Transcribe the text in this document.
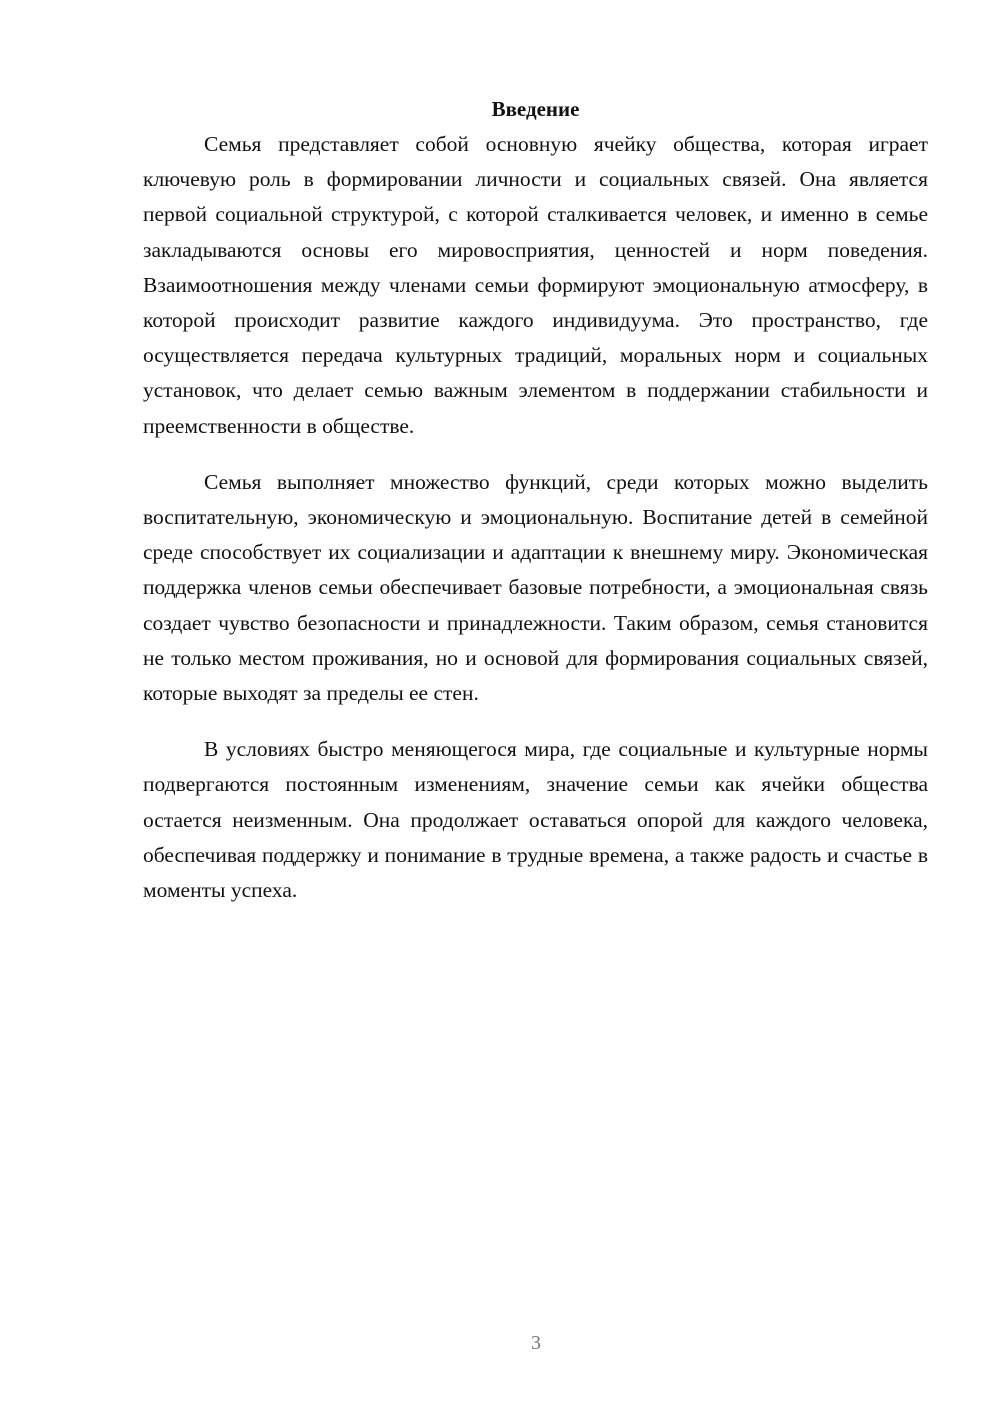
Введение

Семья представляет собой основную ячейку общества, которая играет ключевую роль в формировании личности и социальных связей. Она является первой социальной структурой, с которой сталкивается человек, и именно в семье закладываются основы его мировосприятия, ценностей и норм поведения. Взаимоотношения между членами семьи формируют эмоциональную атмосферу, в которой происходит развитие каждого индивидуума. Это пространство, где осуществляется передача культурных традиций, моральных норм и социальных установок, что делает семью важным элементом в поддержании стабильности и преемственности в обществе.

Семья выполняет множество функций, среди которых можно выделить воспитательную, экономическую и эмоциональную. Воспитание детей в семейной среде способствует их социализации и адаптации к внешнему миру. Экономическая поддержка членов семьи обеспечивает базовые потребности, а эмоциональная связь создает чувство безопасности и принадлежности. Таким образом, семья становится не только местом проживания, но и основой для формирования социальных связей, которые выходят за пределы ее стен.

В условиях быстро меняющегося мира, где социальные и культурные нормы подвергаются постоянным изменениям, значение семьи как ячейки общества остается неизменным. Она продолжает оставаться опорой для каждого человека, обеспечивая поддержку и понимание в трудные времена, а также радость и счастье в моменты успеха.

3
